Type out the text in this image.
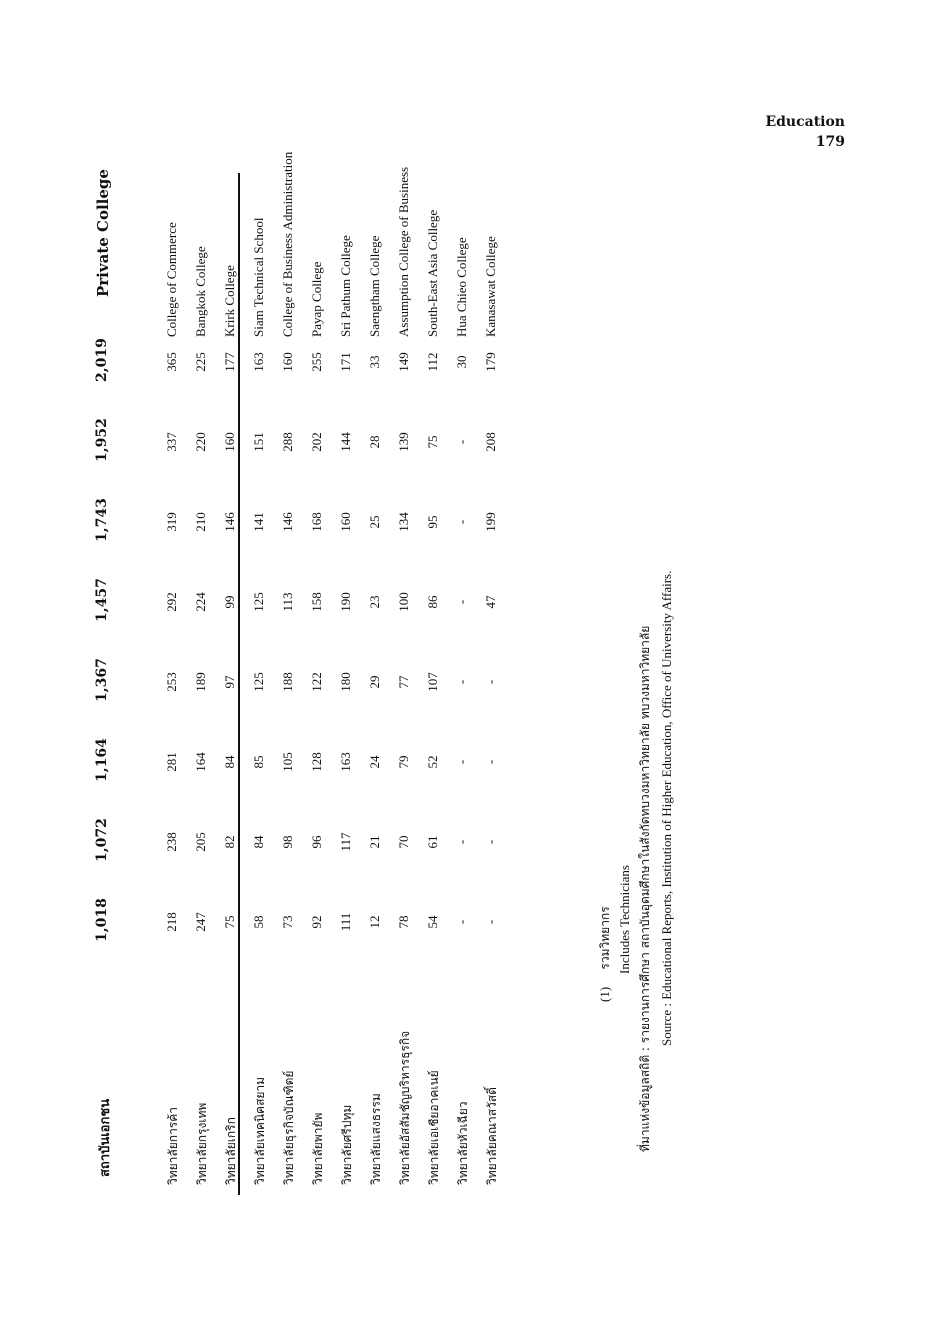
Education
179
สถาบันเอกชน
1,018
1,072
1,164
1,367
1,457
1,743
1,952
2,019
Private College
วิทยาลัยการค้า
218
238
281
253
292
319
337
365
College of Commerce
วิทยาลัยกรุงเทพ
247
205
164
189
224
210
220
225
Bangkok College
วิทยาลัยเกริก
75
82
84
97
99
146
160
177
Krirk College
วิทยาลัยเทคนิคสยาม
58
84
85
125
125
141
151
163
Siam Technical School
วิทยาลัยธุรกิจบัณฑิตย์
73
98
105
188
113
146
288
160
College of Business Administration
วิทยาลัยพายัพ
92
96
128
122
158
168
202
255
Payap College
วิทยาลัยศรีปทุม
111
117
163
180
190
160
144
171
Sri Pathum College
วิทยาลัยแสงธรรม
12
21
24
29
23
25
28
33
Saengtham College
วิทยาลัยอัสสัมชัญบริหารธุรกิจ
78
70
79
77
100
134
139
149
Assumption College of Business
วิทยาลัยเอเชียอาคเนย์
54
61
52
107
86
95
75
112
South-East Asia College
วิทยาลัยหัวเฉียว
-
-
-
-
-
-
-
30
Hua Chieo College
วิทยาลัยคณาสวัสดิ์
-
-
-
-
47
199
208
179
Kanasawat College
(1) รวมวิทยากร Includes Technicians
ที่มาแห่งข้อมูลสถิติ : รายงานการศึกษา สถาบันอุดมศึกษาในสังกัดทบวงมหาวิทยาลัย ทบวงมหาวิทยาลัย Source : Educational Reports, Institution of Higher Education, Office of University Affairs.
